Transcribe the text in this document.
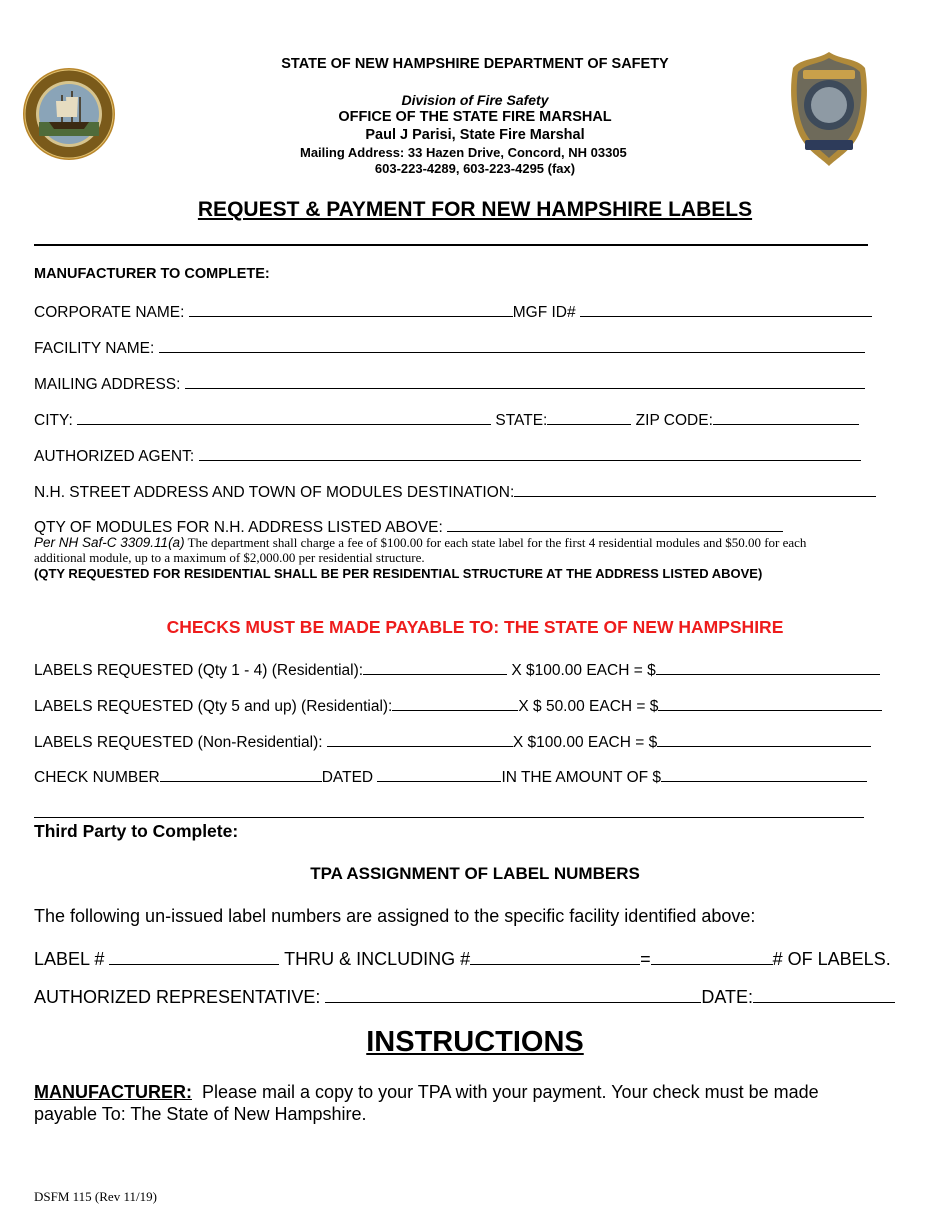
STATE OF NEW HAMPSHIRE DEPARTMENT OF SAFETY
Division of Fire Safety
OFFICE OF THE STATE FIRE MARSHAL
Paul J Parisi, State Fire Marshal
Mailing Address: 33 Hazen Drive, Concord, NH 03305
603-223-4289, 603-223-4295 (fax)
REQUEST & PAYMENT FOR NEW HAMPSHIRE LABELS
MANUFACTURER TO COMPLETE:
CORPORATE NAME:	MGF ID#
FACILITY NAME:
MAILING ADDRESS:
CITY:	STATE:	ZIP CODE:
AUTHORIZED AGENT:
N.H. STREET ADDRESS AND TOWN OF MODULES DESTINATION:
QTY OF MODULES FOR N.H. ADDRESS LISTED ABOVE:
Per NH Saf-C 3309.11(a) The department shall charge a fee of $100.00 for each state label for the first 4 residential modules and $50.00 for each
additional module, up to a maximum of $2,000.00 per residential structure.
(QTY REQUESTED FOR RESIDENTIAL SHALL BE PER RESIDENTIAL STRUCTURE AT THE ADDRESS LISTED ABOVE)
CHECKS MUST BE MADE PAYABLE TO: THE STATE OF NEW HAMPSHIRE
LABELS REQUESTED (Qty 1 - 4) (Residential):	X $100.00 EACH = $
LABELS REQUESTED (Qty 5 and up) (Residential):	X $ 50.00 EACH = $
LABELS REQUESTED (Non-Residential):	X $100.00 EACH = $
CHECK NUMBER	DATED	IN THE AMOUNT OF $
Third Party to Complete:
TPA ASSIGNMENT OF LABEL NUMBERS
The following un-issued label numbers are assigned to the specific facility identified above:
LABEL #	THRU & INCLUDING #	=	# OF LABELS.
AUTHORIZED REPRESENTATIVE:	DATE:
INSTRUCTIONS
MANUFACTURER: Please mail a copy to your TPA with your payment. Your check must be made
payable To: The State of New Hampshire.
DSFM 115 (Rev 11/19)
